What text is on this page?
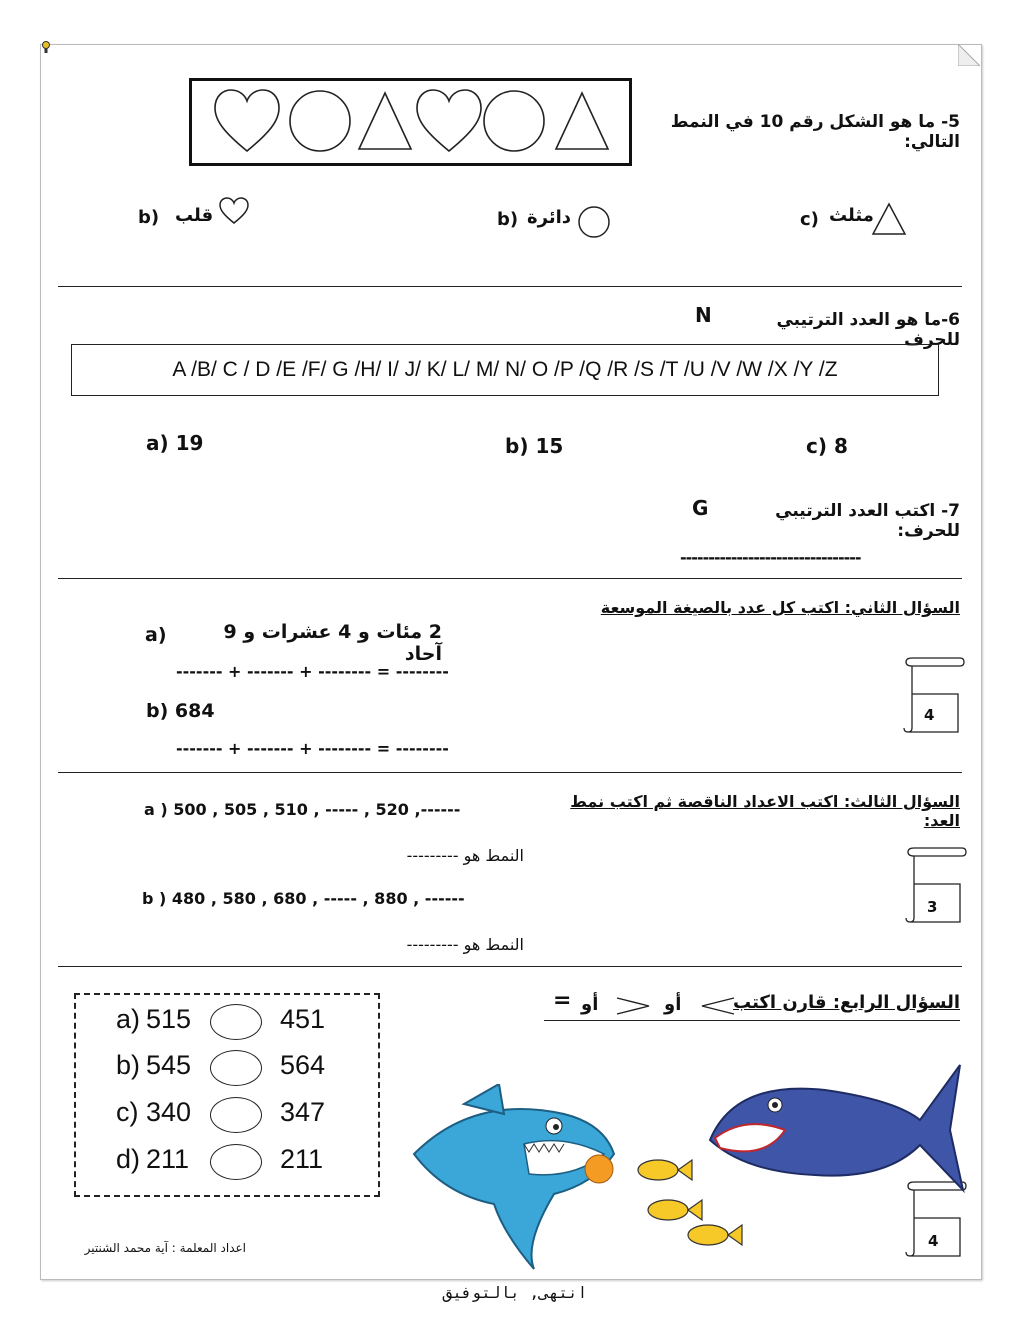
5- ما هو الشكل رقم 10 في النمط التالي:
b) قلب	b) دائرة	c) مثلث
6-ما هو العدد الترتيبي للحرف
N
A /B/ C / D /E /F/ G /H/ I/ J/ K/ L/ M/ N/ O /P /Q /R /S /T /U /V /W /X /Y /Z
a) 19	b) 15	c) 8
7- اكتب العدد الترتيبي للحرف:
G
--------------------------------
السؤال الثاني: اكتب كل عدد بالصيغة الموسعة
a)	2 مئات و 4 عشرات و 9 آحاد
------- + ------- + -------- = --------
b) 684
------- + ------- + -------- = --------
4
السؤال الثالث: اكتب الاعداد الناقصة ثم اكتب نمط العد:
a ) 500 , 505 , 510 , ----- , 520 ,------
النمط هو ---------
b ) 480 , 580 , 680 , ----- , 880 , ------
النمط هو ---------
3
السؤال الرابع: قارن اكتب
أو
أو
=
a) 515	451
b) 545	564
c) 340	347
d) 211	211
4
اعداد المعلمة : آية محمد الشنتير
انتهى, بالتوفيق
